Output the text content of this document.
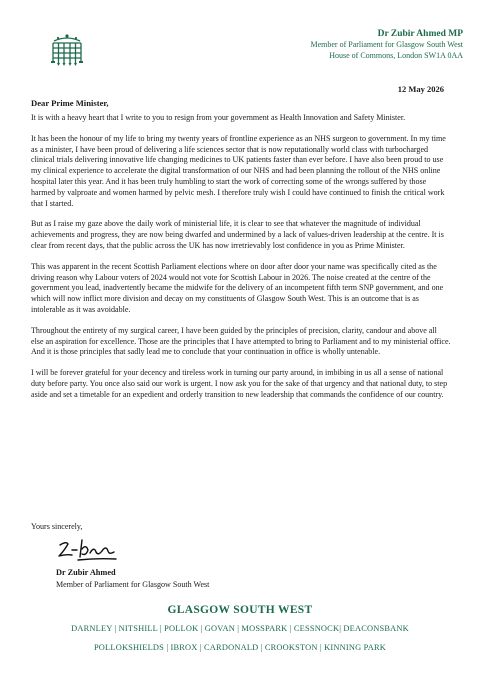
Dr Zubir Ahmed MP
Member of Parliament for Glasgow South West
House of Commons, London SW1A 0AA
12 May 2026
Dear Prime Minister,

It is with a heavy heart that I write to you to resign from your government as Health Innovation and Safety Minister.

It has been the honour of my life to bring my twenty years of frontline experience as an NHS surgeon to government. In my time as a minister, I have been proud of delivering a life sciences sector that is now reputationally world class with turbocharged clinical trials delivering innovative life changing medicines to UK patients faster than ever before. I have also been proud to use my clinical experience to accelerate the digital transformation of our NHS and had been planning the rollout of the NHS online hospital later this year. And it has been truly humbling to start the work of correcting some of the wrongs suffered by those harmed by valproate and women harmed by pelvic mesh. I therefore truly wish I could have continued to finish the critical work that I started.

But as I raise my gaze above the daily work of ministerial life, it is clear to see that whatever the magnitude of individual achievements and progress, they are now being dwarfed and undermined by a lack of values-driven leadership at the centre. It is clear from recent days, that the public across the UK has now irretrievably lost confidence in you as Prime Minister.

This was apparent in the recent Scottish Parliament elections where on door after door your name was specifically cited as the driving reason why Labour voters of 2024 would not vote for Scottish Labour in 2026. The noise created at the centre of the government you lead, inadvertently became the midwife for the delivery of an incompetent fifth term SNP government, and one which will now inflict more division and decay on my constituents of Glasgow South West. This is an outcome that is as intolerable as it was avoidable.

Throughout the entirety of my surgical career, I have been guided by the principles of precision, clarity, candour and above all else an aspiration for excellence. Those are the principles that I have attempted to bring to Parliament and to my ministerial office. And it is those principles that sadly lead me to conclude that your continuation in office is wholly untenable.

I will be forever grateful for your decency and tireless work in turning our party around, in imbibing in us all a sense of national duty before party. You once also said our work is urgent. I now ask you for the sake of that urgency and that national duty, to step aside and set a timetable for an expedient and orderly transition to new leadership that commands the confidence of our country.

Yours sincerely,
Dr Zubir Ahmed
Member of Parliament for Glasgow South West
GLASGOW SOUTH WEST
DARNLEY | NITSHILL | POLLOK | GOVAN | MOSSPARK | CESSNOCK| DEACONSBANK
POLLOKSHIELDS | IBROX | CARDONALD | CROOKSTON | KINNING PARK
